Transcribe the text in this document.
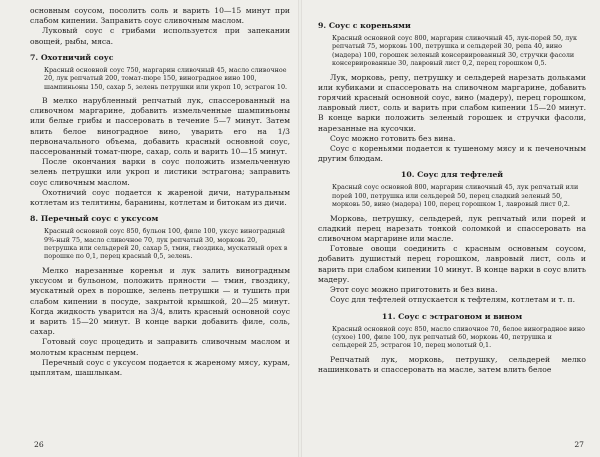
основным соусом, посолить соль и варить 10—15 минут при слабом кипении. Заправить соус сливочным маслом.

Луковый соус с грибами используется при запекании овощей, рыбы, мяса.

7. Охотничий соус

Красный основной соус 750, маргарин сливочный 45, масло сливочное 20, лук репчатый 200, томат-пюре 150, виноградное вино 100, шампиньоны 150, сахар 5, зелень петрушки или укроп 10, эстрагон 10.

В мелко нарубленный репчатый лук, спассерованный на сливочном маргарине, добавить измельченные шампиньоны или белые грибы и пассеровать в течение 5—7 минут. Затем влить белое виноградное вино, уварить его на 1/3 первоначального объема, добавить красный основной соус, пассерованный томат-пюре, сахар, соль и варить 10—15 минут.

После окончания варки в соус положить измельченную зелень петрушки или укроп и листики эстрагона; заправить соус сливочным маслом.

Охотничий соус подается к жареной дичи, натуральным котлетам из телятины, баранины, котлетам и битокам из дичи.

8. Перечный соус с уксусом

Красный основной соус 850, бульон 100, филе 100, уксус виноградный 9%-ный 75, масло сливочное 70, лук репчатый 30, морковь 20, петрушка или сельдерей 20, сахар 5, тмин, гвоздика, мускатный орех в порошке по 0,1, перец красный 0,5, зелень.

Мелко нарезанные коренья и лук залить виноградным уксусом и бульоном, положить пряности — тмин, гвоздику, мускатный орех в порошке, зелень петрушки — и тушить при слабом кипении в посуде, закрытой крышкой, 20—25 минут. Когда жидкость уварится на 3/4, влить красный основной соус и варить 15—20 минут. В конце варки добавить филе, соль, сахар.

Готовый соус процедить и заправить сливочным маслом и молотым красным перцем.

Перечный соус с уксусом подается к жареному мясу, курам, цыплятам, шашлыкам.

26
9. Соус с кореньями

Красный основной соус 800, маргарин сливочный 45, лук-порей 50, лук репчатый 75, морковь 100, петрушка и сельдерей 30, репа 40, вино (мадера) 100, горошек зеленый консервированный 30, стручки фасоли консервированные 30, лавровый лист 0,2, перец горошком 0,5.

Лук, морковь, репу, петрушку и сельдерей нарезать дольками или кубиками и спассеровать на сливочном маргарине, добавить горячий красный основной соус, вино (мадеру), перец горошком, лавровый лист, соль и варить при слабом кипении 15—20 минут. В конце варки положить зеленый горошек и стручки фасоли, нарезанные на кусочки.

Соус можно готовить без вина.

Соус с кореньями подается к тушеному мясу и к печеночным другим блюдам.

10. Соус для тефтелей

Красный соус основной 800, маргарин сливочный 45, лук репчатый или порей 100, петрушка или сельдерей 50, перец сладкий зеленый 50, морковь 50, вино (мадера) 100, перец горошком 1, лавровый лист 0,2.

Морковь, петрушку, сельдерей, лук репчатый или порей и сладкий перец нарезать тонкой соломкой и спассеровать на сливочном маргарине или масле.

Готовые овощи соединить с красным основным соусом, добавить душистый перец горошком, лавровый лист, соль и варить при слабом кипении 10 минут. В конце варки в соус влить мадеру.

Этот соус можно приготовить и без вина.

Соус для тефтелей отпускается к тефтелям, котлетам и т. п.

11. Соус с эстрагоном и вином

Красный основной соус 850, масло сливочное 70, белое виноградное вино (сухое) 100, филе 100, лук репчатый 60, морковь 40, петрушка и сельдерей 25, эстрагон 10, перец молотый 0,1.

Репчатый лук, морковь, петрушку, сельдерей мелко нашинковать и спассеровать на масле, затем влить белое

27
